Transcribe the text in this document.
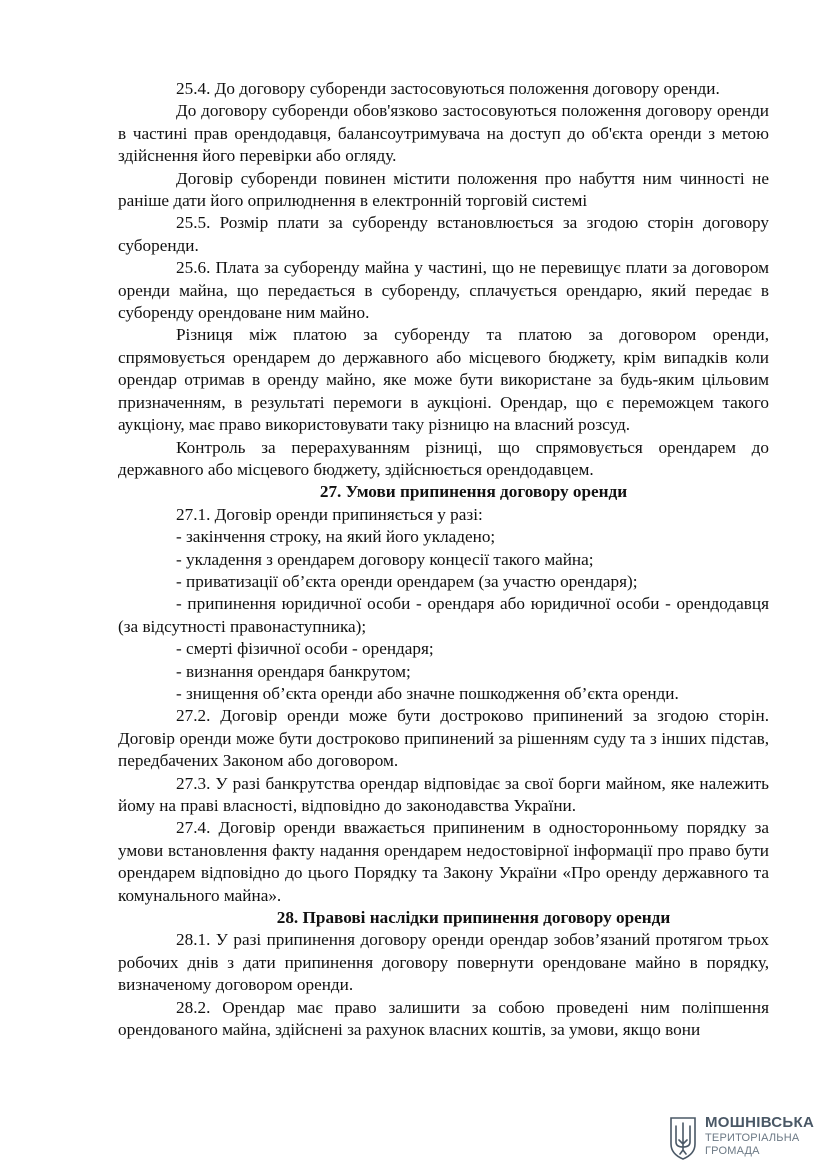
25.4. До договору суборенди застосовуються положення договору оренди.

До договору суборенди обов'язково застосовуються положення договору оренди в частині прав орендодавця, балансоутримувача на доступ до об'єкта оренди з метою здійснення його перевірки або огляду.

Договір суборенди повинен містити положення про набуття ним чинності не раніше дати його оприлюднення в електронній торговій системі

25.5. Розмір плати за суборенду встановлюється за згодою сторін договору суборенди.

25.6. Плата за суборенду майна у частині, що не перевищує плати за договором оренди майна, що передається в суборенду, сплачується орендарю, який передає в суборенду орендоване ним майно.

Різниця між платою за суборенду та платою за договором оренди, спрямовується орендарем до державного або місцевого бюджету, крім випадків коли орендар отримав в оренду майно, яке може бути використане за будь-яким цільовим призначенням, в результаті перемоги в аукціоні. Орендар, що є переможцем такого аукціону, має право використовувати таку різницю на власний розсуд.

Контроль за перерахуванням різниці, що спрямовується орендарем до державного або місцевого бюджету, здійснюється орендодавцем.

27. Умови припинення договору оренди

27.1. Договір оренди припиняється у разі:

- закінчення строку, на який його укладено;

- укладення з орендарем договору концесії такого майна;

- приватизації об’єкта оренди орендарем (за участю орендаря);

- припинення юридичної особи - орендаря або юридичної особи - орендодавця (за відсутності правонаступника);

- смерті фізичної особи - орендаря;

- визнання орендаря банкрутом;

- знищення об’єкта оренди або значне пошкодження об’єкта оренди.

27.2. Договір оренди може бути достроково припинений за згодою сторін. Договір оренди може бути достроково припинений за рішенням суду та з інших підстав, передбачених Законом або договором.

27.3. У разі банкрутства орендар відповідає за свої борги майном, яке належить йому на праві власності, відповідно до законодавства України.

27.4. Договір оренди вважається припиненим в односторонньому порядку за умови встановлення факту надання орендарем недостовірної інформації про право бути орендарем відповідно до цього Порядку та Закону України «Про оренду державного та комунального майна».

28. Правові наслідки припинення договору оренди

28.1. У разі припинення договору оренди орендар зобов’язаний протягом трьох робочих днів з дати припинення договору повернути орендоване майно в порядку, визначеному договором оренди.

28.2. Орендар має право залишити за собою проведені ним поліпшення орендованого майна, здійснені за рахунок власних коштів, за умови, якщо вони

МОШНІВСЬКА
ТЕРИТОРІАЛЬНА
ГРОМАДА
